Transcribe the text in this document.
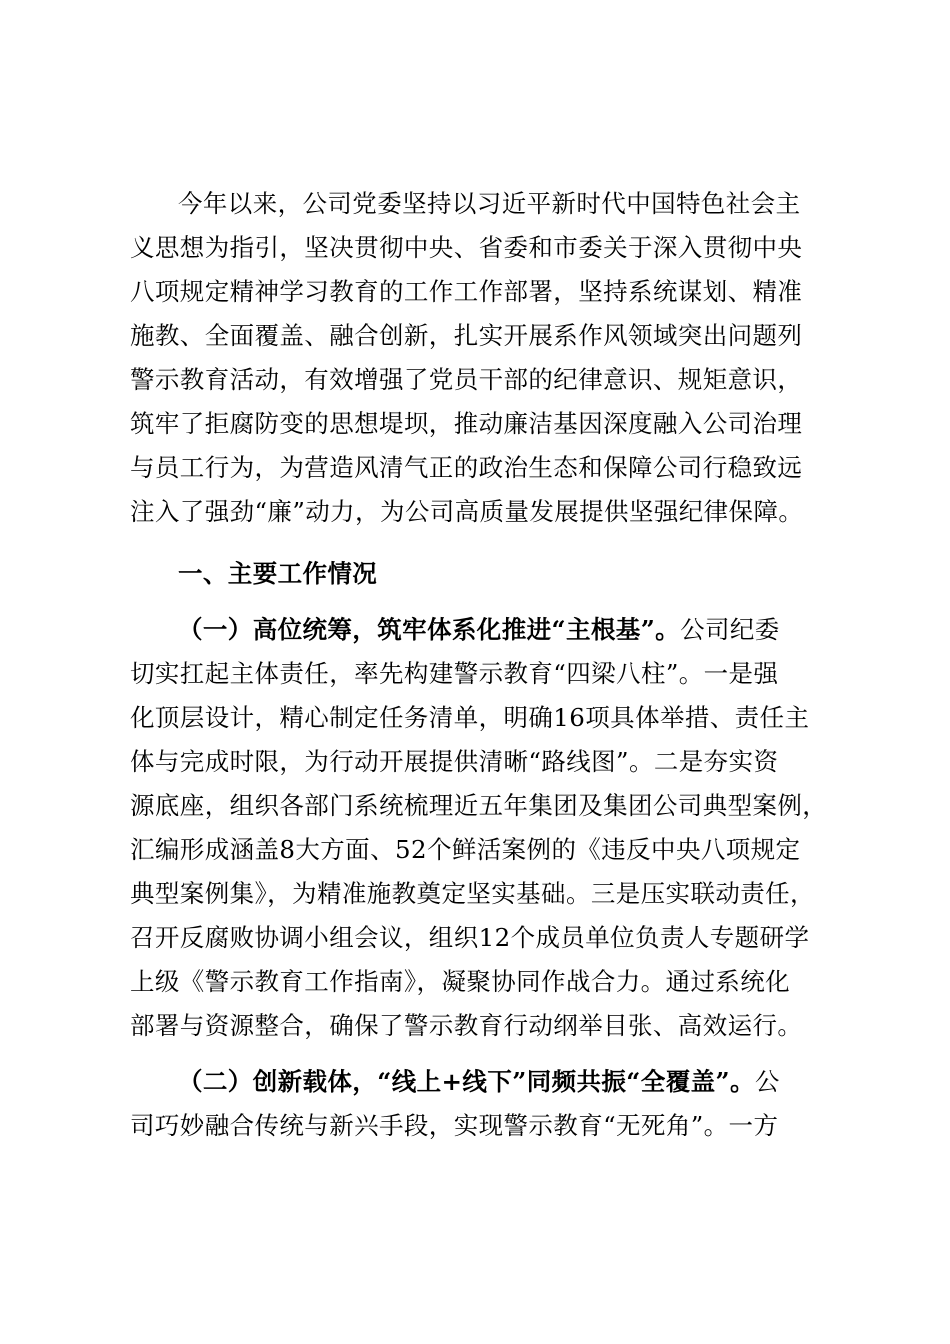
今年以来，公司党委坚持以习近平新时代中国特色社会主
义思想为指引，坚决贯彻中央、省委和市委关于深入贯彻中央
八项规定精神学习教育的工作工作部署，坚持系统谋划、精准
施教、全面覆盖、融合创新，扎实开展系作风领域突出问题列
警示教育活动，有效增强了党员干部的纪律意识、规矩意识，
筑牢了拒腐防变的思想堤坝，推动廉洁基因深度融入公司治理
与员工行为，为营造风清气正的政治生态和保障公司行稳致远
注入了强劲“廉”动力，为公司高质量发展提供坚强纪律保障。
一、主要工作情况
（一）高位统筹，筑牢体系化推进“主根基”。公司纪委
切实扛起主体责任，率先构建警示教育“四梁八柱”。一是强
化顶层设计，精心制定任务清单，明确16项具体举措、责任主
体与完成时限，为行动开展提供清晰“路线图”。二是夯实资
源底座，组织各部门系统梳理近五年集团及集团公司典型案例，
汇编形成涵盖8大方面、52个鲜活案例的《违反中央八项规定
典型案例集》，为精准施教奠定坚实基础。三是压实联动责任，
召开反腐败协调小组会议，组织12个成员单位负责人专题研学
上级《警示教育工作指南》，凝聚协同作战合力。通过系统化
部署与资源整合，确保了警示教育行动纲举目张、高效运行。
（二）创新载体，“线上+线下”同频共振“全覆盖”。公
司巧妙融合传统与新兴手段，实现警示教育“无死角”。一方
